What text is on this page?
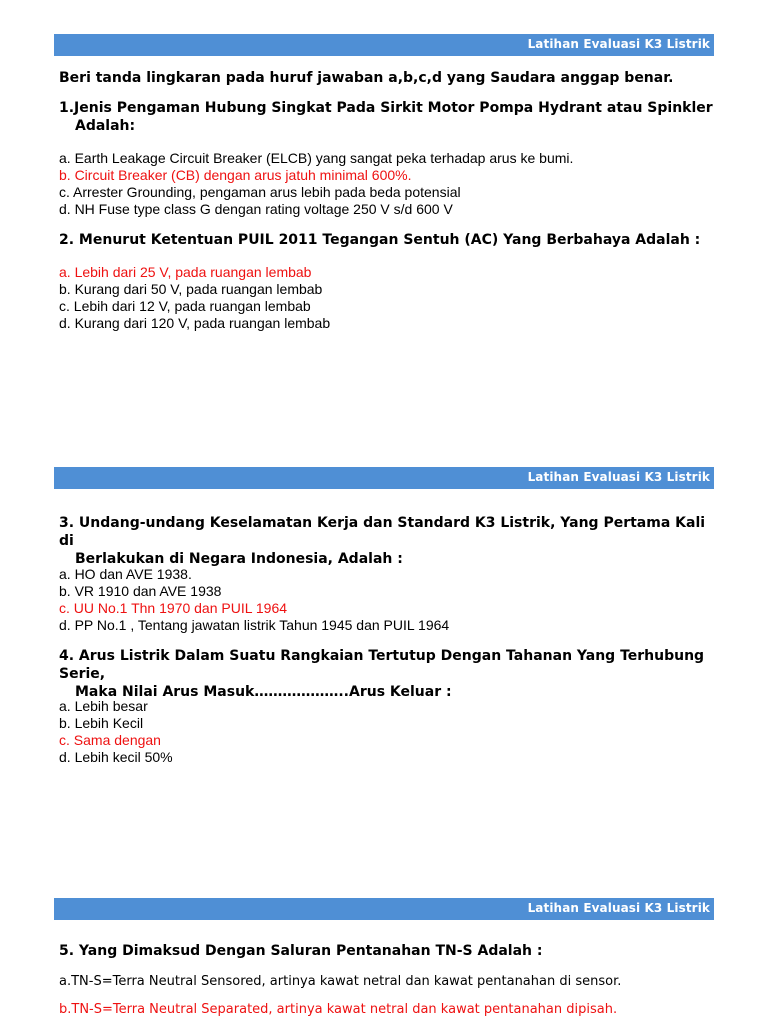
Latihan Evaluasi K3 Listrik
Beri tanda lingkaran pada huruf jawaban a,b,c,d yang Saudara anggap benar.
1.Jenis Pengaman Hubung Singkat Pada Sirkit Motor Pompa Hydrant atau Spinkler
Adalah:
a. Earth Leakage Circuit Breaker (ELCB) yang sangat peka terhadap arus ke bumi.
b. Circuit Breaker (CB) dengan arus jatuh minimal 600%.
c. Arrester Grounding, pengaman arus lebih pada beda potensial
d. NH Fuse type class G dengan rating voltage 250 V s/d 600 V
2. Menurut Ketentuan PUIL 2011 Tegangan Sentuh (AC) Yang Berbahaya Adalah :
a. Lebih dari 25 V, pada ruangan lembab
b. Kurang dari 50 V, pada ruangan lembab
c. Lebih dari 12 V, pada ruangan lembab
d. Kurang dari 120 V, pada ruangan lembab
Latihan Evaluasi K3 Listrik
3. Undang-undang Keselamatan Kerja dan Standard K3 Listrik, Yang Pertama Kali di
Berlakukan di Negara Indonesia, Adalah :
a. HO dan AVE 1938.
b. VR 1910 dan AVE 1938
c. UU No.1 Thn 1970 dan PUIL 1964
d. PP No.1 , Tentang jawatan listrik Tahun 1945 dan PUIL 1964
4. Arus Listrik Dalam Suatu Rangkaian Tertutup Dengan Tahanan Yang Terhubung Serie,
Maka Nilai Arus Masuk………………..Arus Keluar :
a. Lebih besar
b. Lebih Kecil
c. Sama dengan
d. Lebih kecil 50%
Latihan Evaluasi K3 Listrik
5. Yang Dimaksud Dengan Saluran Pentanahan TN-S Adalah :
a.TN-S=Terra Neutral Sensored, artinya kawat netral dan kawat pentanahan di sensor.
b.TN-S=Terra Neutral Separated, artinya kawat netral dan kawat pentanahan dipisah.
